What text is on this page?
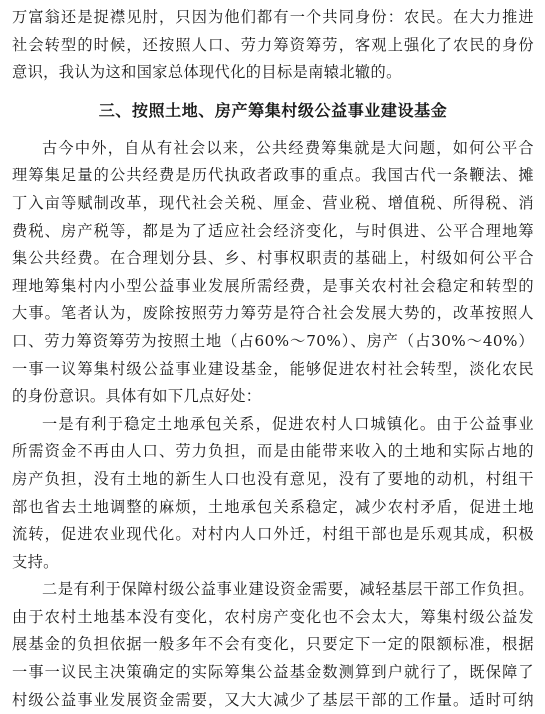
万富翁还是捉襟见肘，只因为他们都有一个共同身份：农民。在大力推进
社会转型的时候，还按照人口、劳力筹资筹劳，客观上强化了农民的身份
意识，我认为这和国家总体现代化的目标是南辕北辙的。

三、按照土地、房产筹集村级公益事业建设基金

古今中外，自从有社会以来，公共经费筹集就是大问题，如何公平合
理筹集足量的公共经费是历代执政者政事的重点。我国古代一条鞭法、摊
丁入亩等赋制改革，现代社会关税、厘金、营业税、增值税、所得税、消
费税、房产税等，都是为了适应社会经济变化，与时俱进、公平合理地筹
集公共经费。在合理划分县、乡、村事权职责的基础上，村级如何公平合
理地筹集村内小型公益事业发展所需经费，是事关农村社会稳定和转型的
大事。笔者认为，废除按照劳力筹劳是符合社会发展大势的，改革按照人
口、劳力筹资筹劳为按照土地（占60%～70%）、房产（占30%～40%）
一事一议筹集村级公益事业建设基金，能够促进农村社会转型，淡化农民
的身份意识。具体有如下几点好处：

一是有利于稳定土地承包关系，促进农村人口城镇化。由于公益事业
所需资金不再由人口、劳力负担，而是由能带来收入的土地和实际占地的
房产负担，没有土地的新生人口也没有意见，没有了要地的动机，村组干
部也省去土地调整的麻烦，土地承包关系稳定，减少农村矛盾，促进土地
流转，促进农业现代化。对村内人口外迁，村组干部也是乐观其成，积极
支持。

二是有利于保障村级公益事业建设资金需要，减轻基层干部工作负担。
由于农村土地基本没有变化，农村房产变化也不会太大，筹集村级公益发
展基金的负担依据一般多年不会有变化，只要定下一定的限额标准，根据
一事一议民主决策确定的实际筹集公益基金数测算到户就行了，既保障了
村级公益事业发展资金需要，又大大减少了基层干部的工作量。适时可纳
